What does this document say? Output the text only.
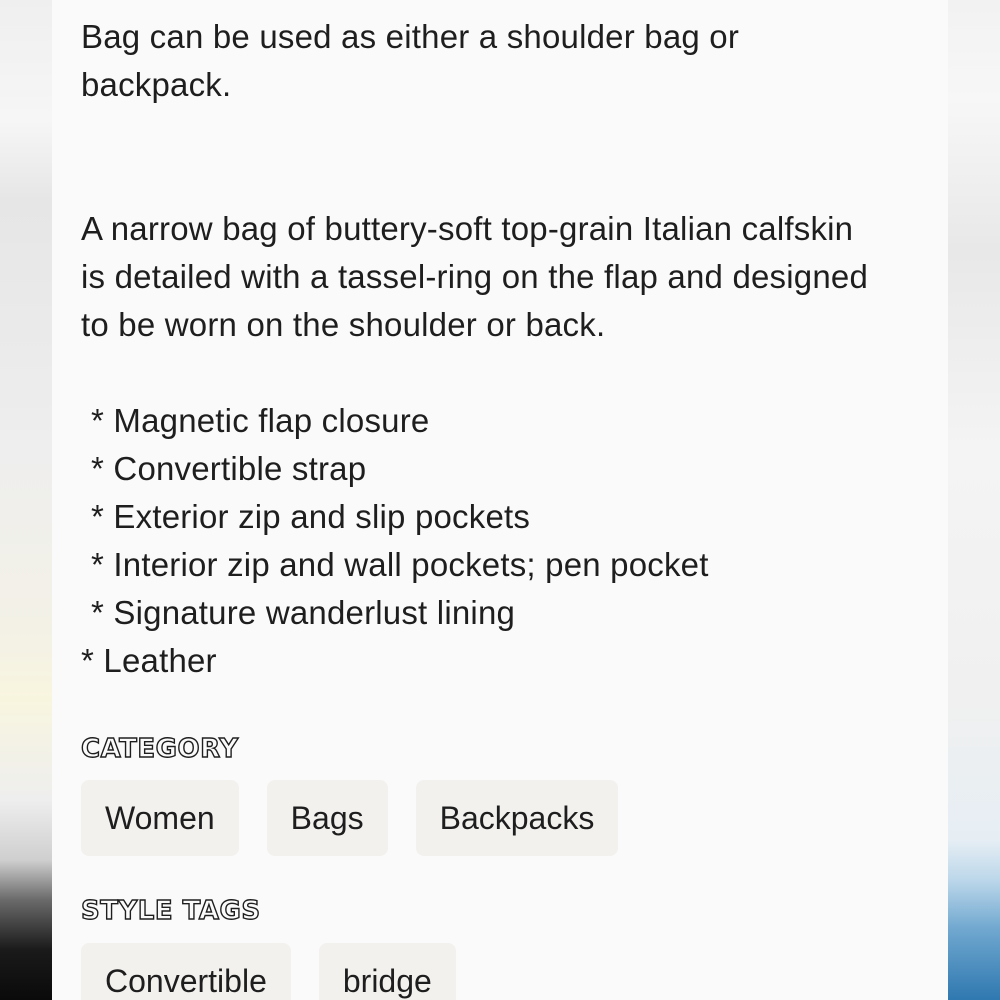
Bag can be used as either a shoulder bag or

backpack.

A narrow bag of buttery-soft top-grain Italian calfskin

is detailed with a tassel-ring on the flap and designed

to be worn on the shoulder or back.

* Magnetic flap closure

* Convertible strap

* Exterior zip and slip pockets

* Interior zip and wall pockets; pen pocket

* Signature wanderlust lining

* Leather

CATEGORY

Women	Bags	Backpacks

STYLE TAGS

Convertible	bridge
